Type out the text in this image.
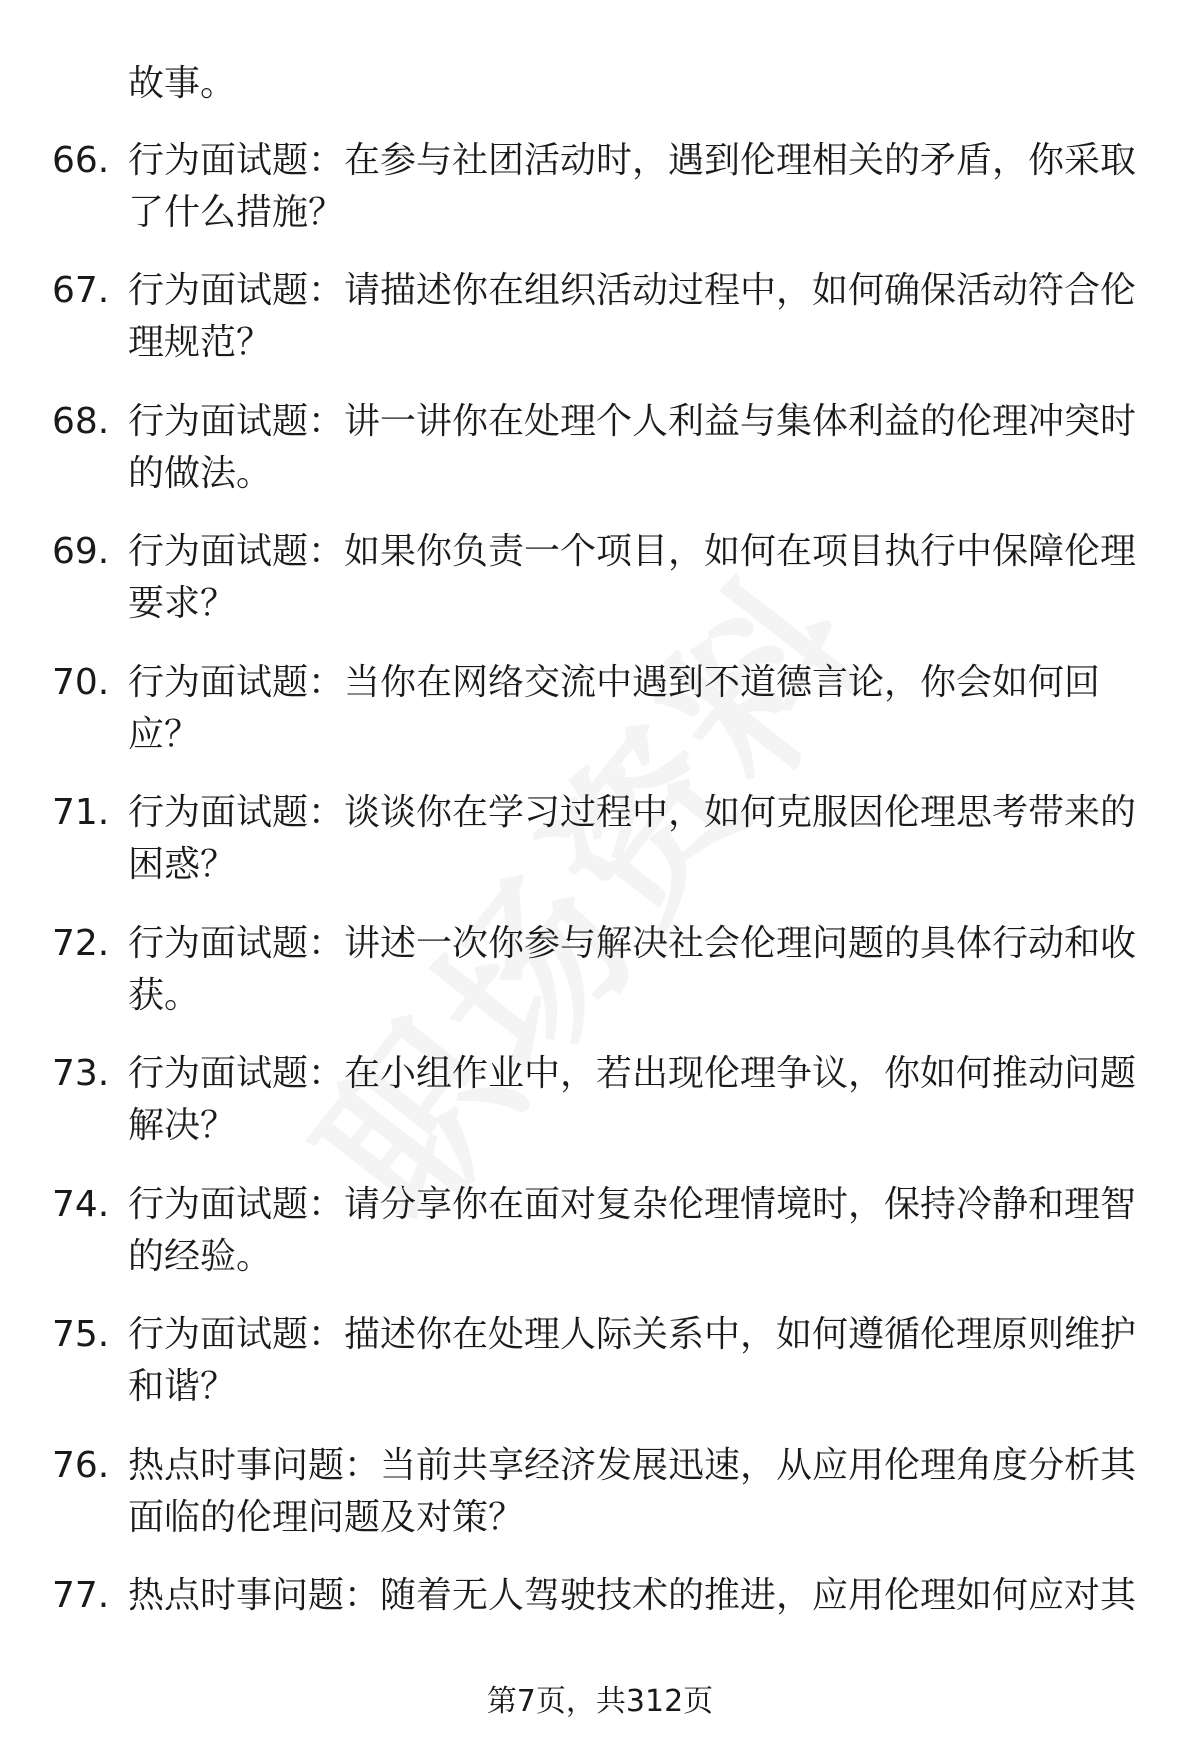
故事。
66. 行为面试题：在参与社团活动时，遇到伦理相关的矛盾，你采取了什么措施？
67. 行为面试题：请描述你在组织活动过程中，如何确保活动符合伦理规范？
68. 行为面试题：讲一讲你在处理个人利益与集体利益的伦理冲突时的做法。
69. 行为面试题：如果你负责一个项目，如何在项目执行中保障伦理要求？
70. 行为面试题：当你在网络交流中遇到不道德言论，你会如何回应？
71. 行为面试题：谈谈你在学习过程中，如何克服因伦理思考带来的困惑？
72. 行为面试题：讲述一次你参与解决社会伦理问题的具体行动和收获。
73. 行为面试题：在小组作业中，若出现伦理争议，你如何推动问题解决？
74. 行为面试题：请分享你在面对复杂伦理情境时，保持冷静和理智的经验。
75. 行为面试题：描述你在处理人际关系中，如何遵循伦理原则维护和谐？
76. 热点时事问题：当前共享经济发展迅速，从应用伦理角度分析其面临的伦理问题及对策？
77. 热点时事问题：随着无人驾驶技术的推进，应用伦理如何应对其
第7页，共312页
